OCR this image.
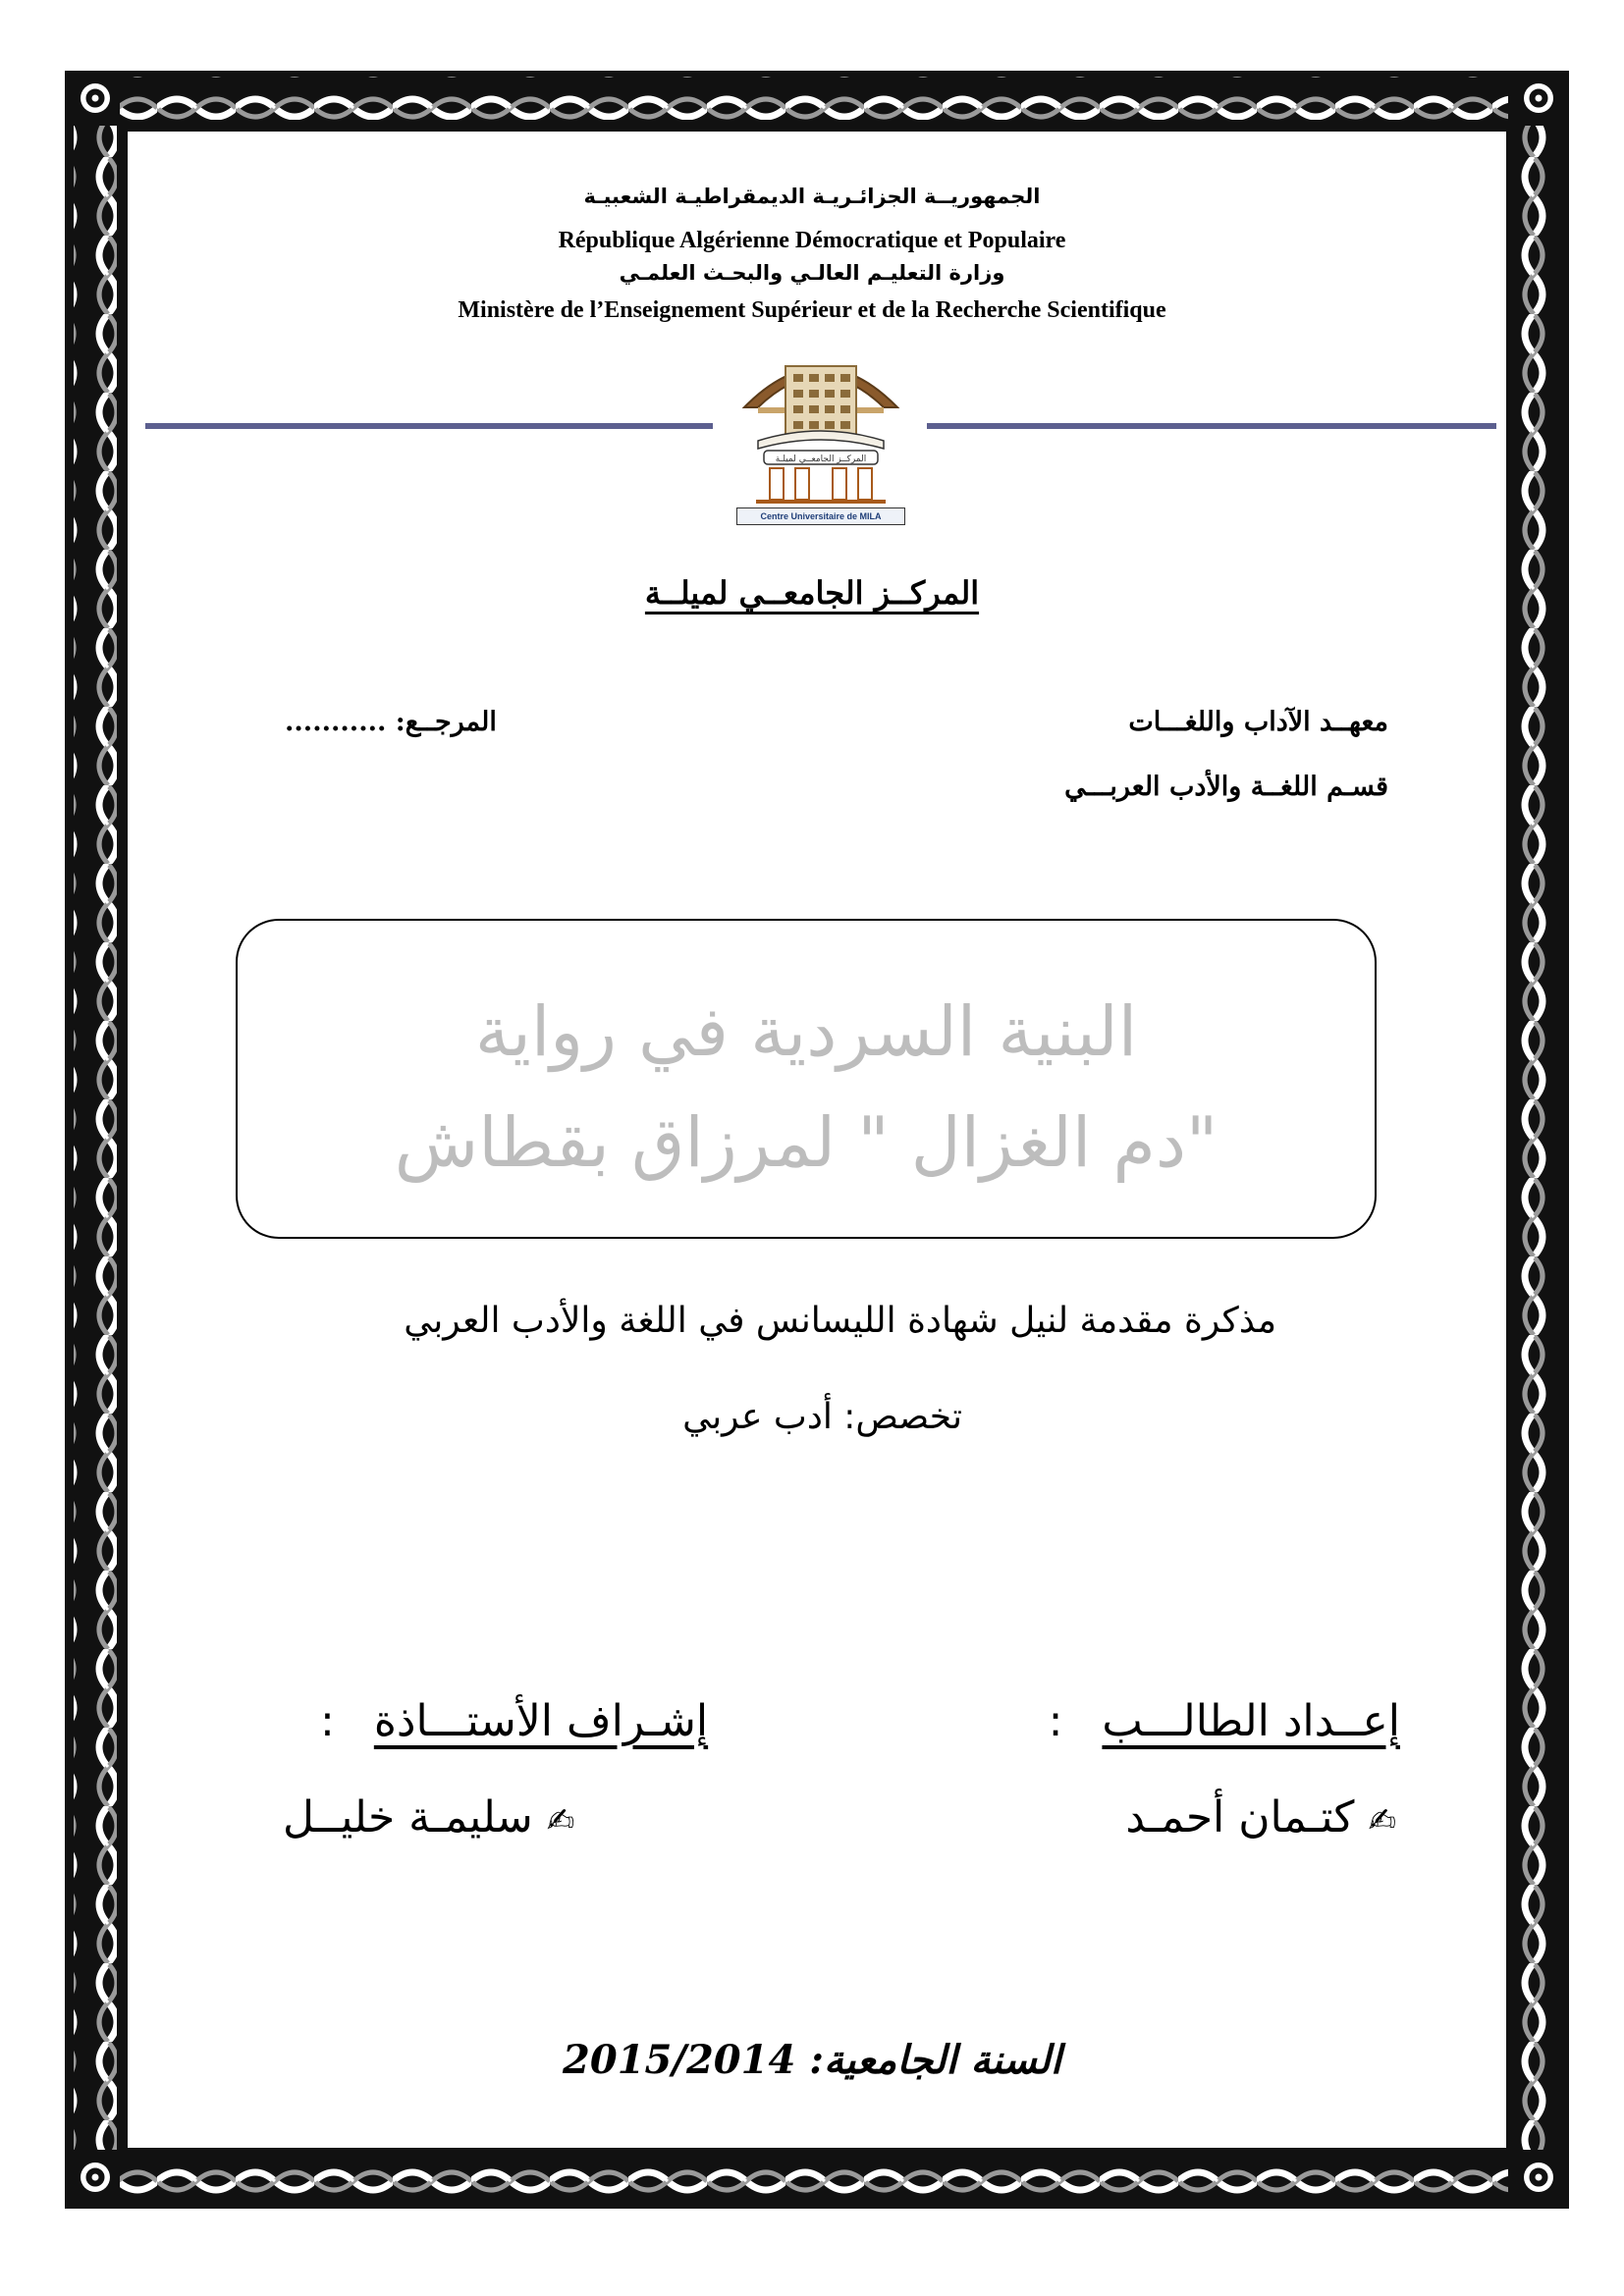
الجمهوريــة الجزائـريـة الديمقراطيـة الشعبيـة
République Algérienne Démocratique et Populaire
وزارة التعليـم العالـي والبحـث العلمـي
Ministère de l’Enseignement Supérieur et de la Recherche Scientifique
المركــز الجامعــي لميلـة
Centre Universitaire de MILA
المركــز الجامعــي لميلــة
معهــد الآداب واللغـــات
المرجــع: ...........
قسـم اللغــة والأدب العربـــي
البنية السردية في رواية
"دم الغزال " لمرزاق بقطاش
مذكرة مقدمة لنيل شهادة الليسانس في اللغة والأدب العربي
تخصص: أدب عربي
إعــداد الطالـــب :
✍ كتـمان أحمـد
إشـراف الأستـــاذة :
✍ سليمـة خليــل
السنة الجامعية: 2015/2014
